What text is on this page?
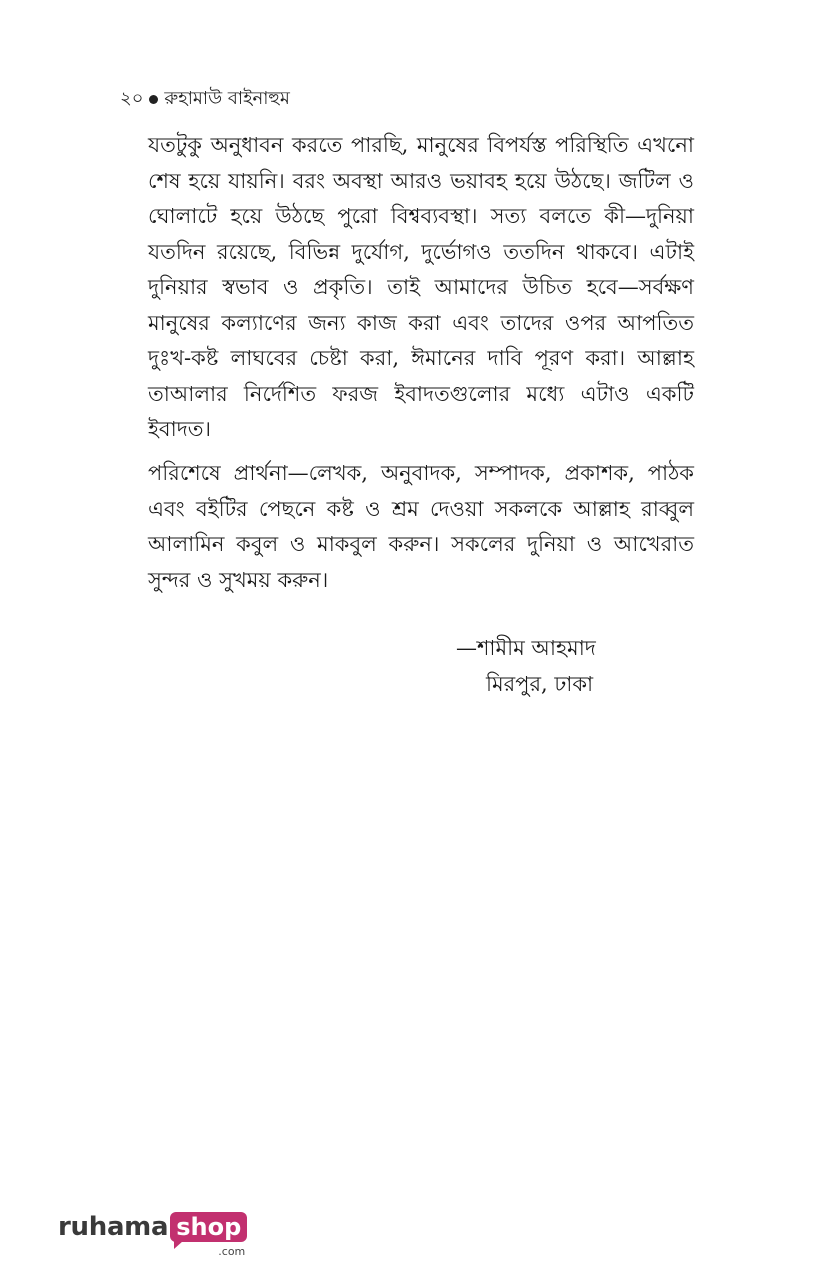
২০ রুহামাউ বাইনাহুম

যতটুকু অনুধাবন করতে পারছি, মানুষের বিপর্যস্ত পরিস্থিতি এখনো শেষ হয়ে যায়নি। বরং অবস্থা আরও ভয়াবহ হয়ে উঠছে। জটিল ও ঘোলাটে হয়ে উঠছে পুরো বিশ্বব্যবস্থা। সত্য বলতে কী—দুনিয়া যতদিন রয়েছে, বিভিন্ন দুর্যোগ, দুর্ভোগও ততদিন থাকবে। এটাই দুনিয়ার স্বভাব ও প্রকৃতি। তাই আমাদের উচিত হবে—সর্বক্ষণ মানুষের কল্যাণের জন্য কাজ করা এবং তাদের ওপর আপতিত দুঃখ-কষ্ট লাঘবের চেষ্টা করা, ঈমানের দাবি পূরণ করা। আল্লাহ তাআলার নির্দেশিত ফরজ ইবাদতগুলোর মধ্যে এটাও একটি ইবাদত।

পরিশেষে প্রার্থনা—লেখক, অনুবাদক, সম্পাদক, প্রকাশক, পাঠক এবং বইটির পেছনে কষ্ট ও শ্রম দেওয়া সকলকে আল্লাহ রাব্বুল আলামিন কবুল ও মাকবুল করুন। সকলের দুনিয়া ও আখেরাত সুন্দর ও সুখময় করুন।

—শামীম আহমাদ
মিরপুর, ঢাকা
ruhama shop
.com
